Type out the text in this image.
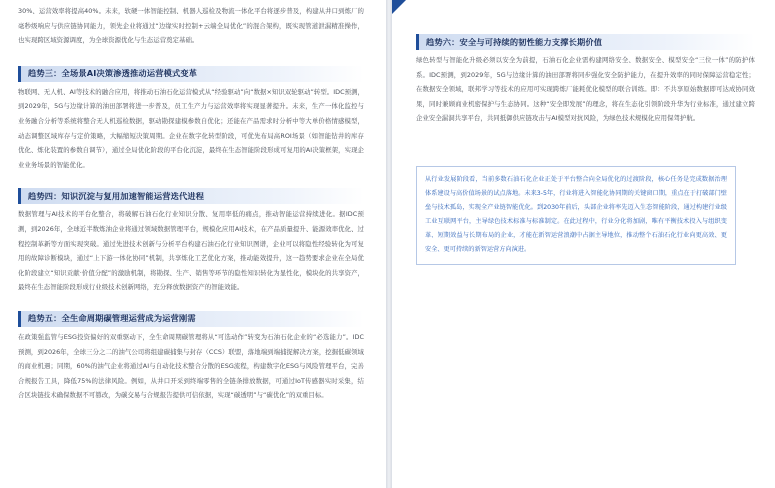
30%、运营效率将提高40%。未来，软硬一体智能控制、机器人巡检及物流一体化平台将逐步普及，构建从井口到炼厂的毫秒级响应与供应链协同能力，领先企业将通过“边缘实时控制+云端全局优化”的混合架构，既实现管道泄漏精准操作，也实现跨区域资源调度，为全球资源优化与生态运营奠定基础。

趋势三：全场景AI决策渗透推动运营模式变革

物联网、无人机、AI等技术的融合应用，将推动石油石化运营模式从“经验驱动”向“数据×知识双轮驱动”转型。IDC预测，到2029年，5G与边缘计算的油田部署将进一步普及，员工生产力与运营效率将实现显著提升。未来，生产一体化监控与业务融合分析等系统将整合无人机巡检数据，驱动勘探建模参数自优化；还能在产品需求时分析中等大单价格情感模型，动态调整区域库存与定价策略，大幅缩短决策周期。企业在数字化转型阶段，可优先布局高ROI场景（如智能钻井的库存优化、炼化装置的参数自调节），通过全局优化阶段的平台化沉淀，最终在生态智能阶段形成可复用的AI决策框架，实现企业业务场景的智能优化。

趋势四：知识沉淀与复用加速智能运营迭代进程

数据管理与AI技术的平台化整合，将破解石油石化行业知识分散、复用率低的痛点，推动智能运营持续进化。据IDC预测，到2026年，全球近半数炼油企业将通过领域数据管理平台，规模化应用AI技术，在产品质量提升、能源效率优化、过程控制革新等方面实现突破。通过先进技术创新与分析平台构建石油石化行业知识图谱，企业可以将隐性经验转化为可复用的故障诊断模块，通过“上下游一体化协同”机制，共享炼化工艺优化方案，推动能效提升，这一趋势要求企业在全局优化阶段建立“知识贡献·价值分配”的激励机制，将勘探、生产、销售等环节的隐性知识转化为显性化，模块化的共享资产，最终在生态智能阶段形成行业级技术创新网络，充分释放数据资产的智能效能。

趋势五：全生命周期碳管理运营成为运营刚需

在政策强监管与ESG投资偏好的双重驱动下，全生命周期碳管理将从“可选动作”转变为石油石化企业的“必选能力”。IDC预测，到2026年，全球三分之二的油气公司将组建碳捕集与封存（CCS）联盟，落地端到端捕捉解决方案，挖掘低碳领域的商业机遇；同期，60%的油气企业将通过AI与自动化技术整合分散的ESG流程，构建数字化ESG与风险管理平台，完善合规报告工具，降低75%的法律风险。例如，从井口开采到终端零售的全链条排放数据，可通过IoT传感器实时采集，结合区块链技术确保数据不可篡改，为碳交易与合规报告提供可信依据，实现“碳透明”与“碳优化”的双重目标。

趋势六：安全与可持续的韧性能力支撑长期价值

绿色转型与智能化升级必须以安全为前提，石油石化企业需构建网络安全、数据安全、模型安全“三位一体”的防护体系。IDC预测，到2029年，5G与边缘计算的油田部署将同步强化安全防护能力，在提升效率的同时保障运营稳定性；在数据安全领域，联邦学习等技术的应用可实现跨炼厂能耗优化模型的联合训练。即：不共享原始数据即可达成协同效果，同时兼顾商业机密保护与生态协同。这种“安全即发展”的理念，将在生态化引领阶段升华为行业标准，通过建立跨企业安全漏洞共享平台，共同抵御供应链攻击与AI模型对抗风险，为绿色技术规模化应用保驾护航。

从行业发展阶段看，当前多数石油石化企业正处于平台整合向全局优化的过渡阶段，核心任务是完成数据治理体系建设与高价值场景的试点落地。未来3-5年，行业将进入智能化协同期的关键窗口期，重点在于打破部门壁垒与技术孤岛，实现全产业链智能优化。到2030年前后，头部企业将率先迈入生态智能阶段，通过构建行业级工业互联网平台，主导绿色技术标准与标准制定。在此过程中，行业分化将加剧，唯有平衡技术投入与组织变革、短期效益与长期布局的企业，才能在新智运营浪潮中占据主导地位，推动整个石油石化行业向更高效、更安全、更可持续的新智运营方向演进。
